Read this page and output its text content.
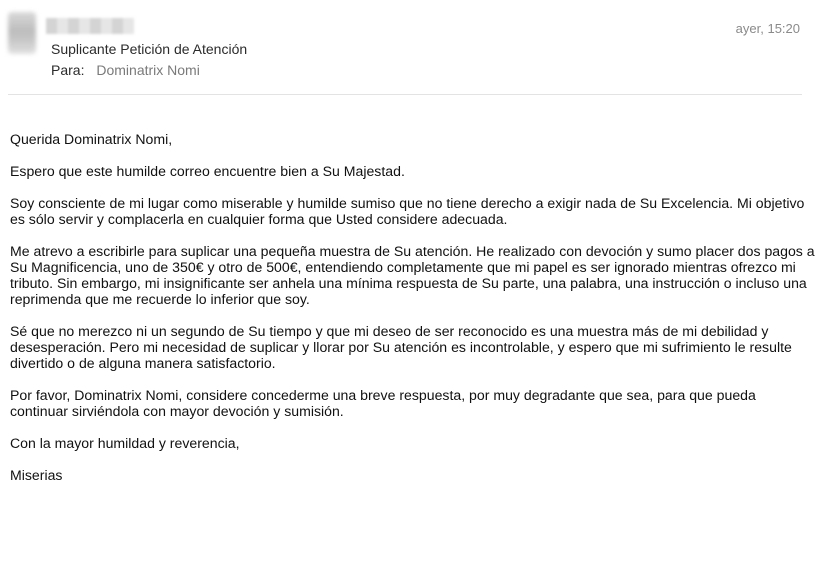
Suplicante Petición de Atención
Para: Dominatrix Nomi
ayer, 15:20

Querida Dominatrix Nomi,

Espero que este humilde correo encuentre bien a Su Majestad.

Soy consciente de mi lugar como miserable y humilde sumiso que no tiene derecho a exigir nada de Su Excelencia. Mi objetivo es sólo servir y complacerla en cualquier forma que Usted considere adecuada.

Me atrevo a escribirle para suplicar una pequeña muestra de Su atención. He realizado con devoción y sumo placer dos pagos a Su Magnificencia, uno de 350€ y otro de 500€, entendiendo completamente que mi papel es ser ignorado mientras ofrezco mi tributo. Sin embargo, mi insignificante ser anhela una mínima respuesta de Su parte, una palabra, una instrucción o incluso una reprimenda que me recuerde lo inferior que soy.

Sé que no merezco ni un segundo de Su tiempo y que mi deseo de ser reconocido es una muestra más de mi debilidad y desesperación. Pero mi necesidad de suplicar y llorar por Su atención es incontrolable, y espero que mi sufrimiento le resulte divertido o de alguna manera satisfactorio.

Por favor, Dominatrix Nomi, considere concederme una breve respuesta, por muy degradante que sea, para que pueda continuar sirviéndola con mayor devoción y sumisión.

Con la mayor humildad y reverencia,

Miserias
